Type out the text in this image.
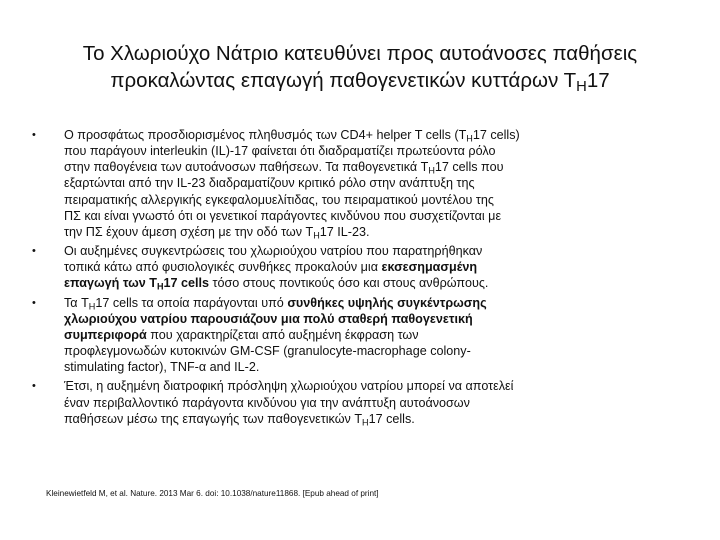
Το Χλωριούχο Νάτριο κατευθύνει προς αυτοάνοσες παθήσεις
προκαλώντας επαγωγή παθογενετικών κυττάρων $T_H17$
• Ο προσφάτως προσδιορισμένος πληθυσμός των CD4+ helper T cells ($T_H17$ cells)
που παράγουν interleukin (IL)-17 φαίνεται ότι διαδραματίζει πρωτεύοντα ρόλο
στην παθογένεια των αυτοάνοσων παθήσεων. Τα παθογενετικά $T_H17$ cells που
εξαρτώνται από την IL-23 διαδραματίζουν κριτικό ρόλο στην ανάπτυξη της
πειραματικής αλλεργικής εγκεφαλομυελίτιδας, του πειραματικού μοντέλου της
ΠΣ και είναι γνωστό ότι οι γενετικοί παράγοντες κινδύνου που συσχετίζονται με
την ΠΣ έχουν άμεση σχέση με την οδό των $T_H17$ IL-23.
• Οι αυξημένες συγκεντρώσεις του χλωριούχου νατρίου που παρατηρήθηκαν
τοπικά κάτω από φυσιολογικές συνθήκες προκαλούν μια εκσεσημασμένη
επαγωγή των $T_H17$ cells τόσο στους ποντικούς όσο και στους ανθρώπους.
• Τα $T_H17$ cells τα οποία παράγονται υπό συνθήκες υψηλής συγκέντρωσης
χλωριούχου νατρίου παρουσιάζουν μια πολύ σταθερή παθογενετική
συμπεριφορά που χαρακτηρίζεται από αυξημένη έκφραση των
προφλεγμονωδών κυτοκινών GM-CSF (granulocyte-macrophage colony-
stimulating factor), TNF-α and IL-2.
• Έτσι, η αυξημένη διατροφική πρόσληψη χλωριούχου νατρίου μπορεί να αποτελεί
έναν περιβαλλοντικό παράγοντα κινδύνου για την ανάπτυξη αυτοάνοσων
παθήσεων μέσω της επαγωγής των παθογενετικών $T_H17$ cells.
Kleinewietfeld M, et al. Nature. 2013 Mar 6. doi: 10.1038/nature11868. [Epub ahead of print]
